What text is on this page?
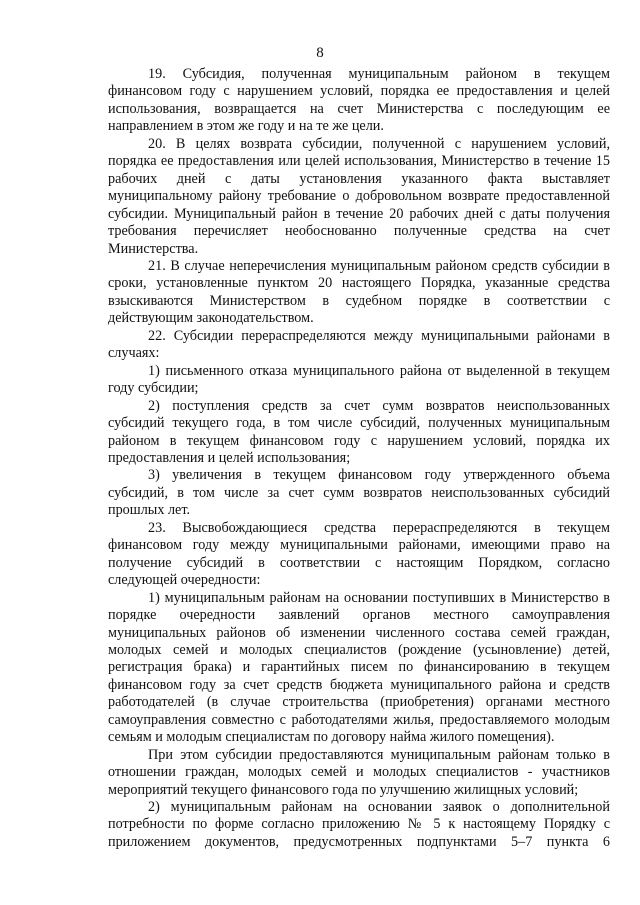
8

19. Субсидия, полученная муниципальным районом в текущем
финансовом году с нарушением условий, порядка ее предоставления и целей
использования, возвращается на счет Министерства с последующим ее
направлением в этом же году и на те же цели.

20. В целях возврата субсидии, полученной с нарушением условий,
порядка ее предоставления или целей использования, Министерство в течение 15
рабочих дней с даты установления указанного факта выставляет
муниципальному району требование о добровольном возврате предоставленной
субсидии. Муниципальный район в течение 20 рабочих дней с даты получения
требования перечисляет необоснованно полученные средства на счет
Министерства.

21. В случае неперечисления муниципальным районом средств субсидии в
сроки, установленные пунктом 20 настоящего Порядка, указанные средства
взыскиваются Министерством в судебном порядке в соответствии с
действующим законодательством.

22. Субсидии перераспределяются между муниципальными районами в
случаях:

1) письменного отказа муниципального района от выделенной в текущем
году субсидии;

2) поступления средств за счет сумм возвратов неиспользованных
субсидий текущего года, в том числе субсидий, полученных муниципальным
районом в текущем финансовом году с нарушением условий, порядка их
предоставления и целей использования;

3) увеличения в текущем финансовом году утвержденного объема
субсидий, в том числе за счет сумм возвратов неиспользованных субсидий
прошлых лет.

23. Высвобождающиеся средства перераспределяются в текущем
финансовом году между муниципальными районами, имеющими право на
получение субсидий в соответствии с настоящим Порядком, согласно
следующей очередности:

1) муниципальным районам на основании поступивших в Министерство в
порядке очередности заявлений органов местного самоуправления
муниципальных районов об изменении численного состава семей граждан,
молодых семей и молодых специалистов (рождение (усыновление) детей,
регистрация брака) и гарантийных писем по финансированию в текущем
финансовом году за счет средств бюджета муниципального района и средств
работодателей (в случае строительства (приобретения) органами местного
самоуправления совместно с работодателями жилья, предоставляемого молодым
семьям и молодым специалистам по договору найма жилого помещения).

При этом субсидии предоставляются муниципальным районам только в
отношении граждан, молодых семей и молодых специалистов - участников
мероприятий текущего финансового года по улучшению жилищных условий;

2) муниципальным районам на основании заявок о дополнительной
потребности по форме согласно приложению № 5 к настоящему Порядку с
приложением документов, предусмотренных подпунктами 5–7 пункта 6
